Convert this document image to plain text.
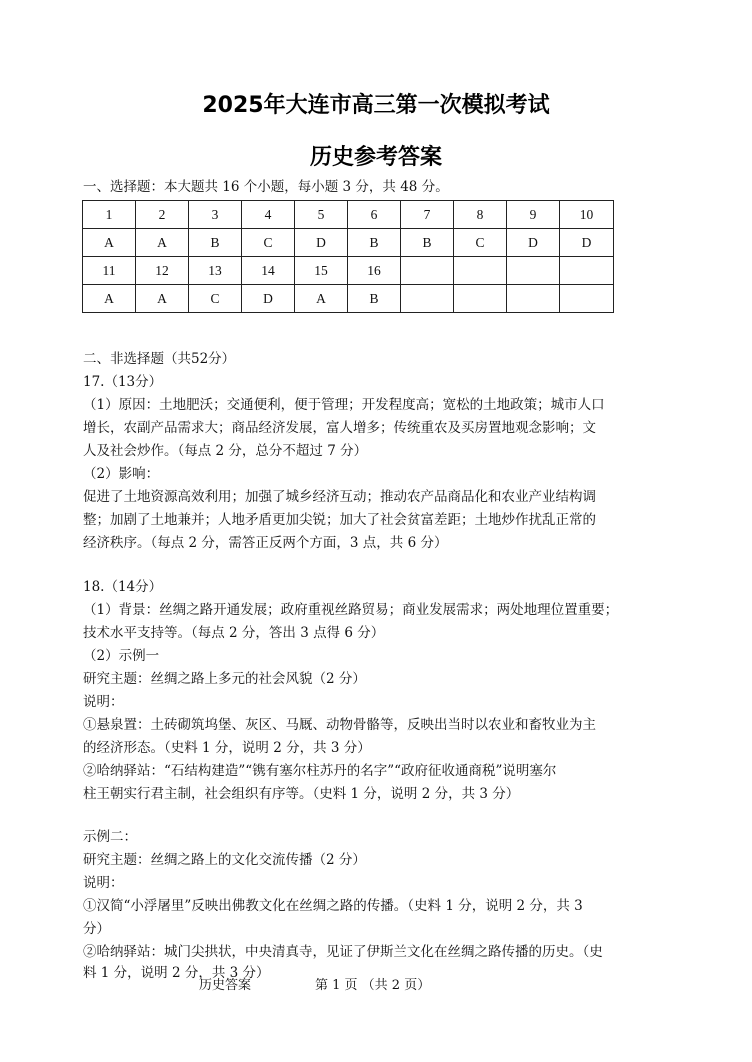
2025年大连市高三第一次模拟考试
历史参考答案
一、选择题：本大题共 16 个小题，每小题 3 分，共 48 分。
1	2	3	4	5	6	7	8	9	10
A	A	B	C	D	B	B	C	D	D
11	12	13	14	15	16				
A	A	C	D	A	B				
二、非选择题（共52分）
17.（13分）
（1）原因：土地肥沃；交通便利，便于管理；开发程度高；宽松的土地政策；城市人口
增长，农副产品需求大；商品经济发展，富人增多；传统重农及买房置地观念影响；文
人及社会炒作。（每点 2 分，总分不超过 7 分）
（2）影响：
促进了土地资源高效利用；加强了城乡经济互动；推动农产品商品化和农业产业结构调
整；加剧了土地兼并；人地矛盾更加尖锐；加大了社会贫富差距；土地炒作扰乱正常的
经济秩序。（每点 2 分，需答正反两个方面，3 点，共 6 分）
18.（14分）
（1）背景：丝绸之路开通发展；政府重视丝路贸易；商业发展需求；两处地理位置重要；
技术水平支持等。（每点 2 分，答出 3 点得 6 分）
（2）示例一
研究主题：丝绸之路上多元的社会风貌（2 分）
说明：
①悬泉置：土砖砌筑坞堡、灰区、马厩、动物骨骼等，反映出当时以农业和畜牧业为主
的经济形态。（史料 1 分，说明 2 分，共 3 分）
②哈纳驿站：“石结构建造”“镌有塞尔柱苏丹的名字”“政府征收通商税”说明塞尔
柱王朝实行君主制，社会组织有序等。（史料 1 分，说明 2 分，共 3 分）
示例二：
研究主题：丝绸之路上的文化交流传播（2 分）
说明：
①汉简“小浮屠里”反映出佛教文化在丝绸之路的传播。（史料 1 分，说明 2 分，共 3
分）
②哈纳驿站：城门尖拱状，中央清真寺，见证了伊斯兰文化在丝绸之路传播的历史。（史
料 1 分，说明 2 分，共 3 分）
历史答案	第 1 页 （共 2 页）
